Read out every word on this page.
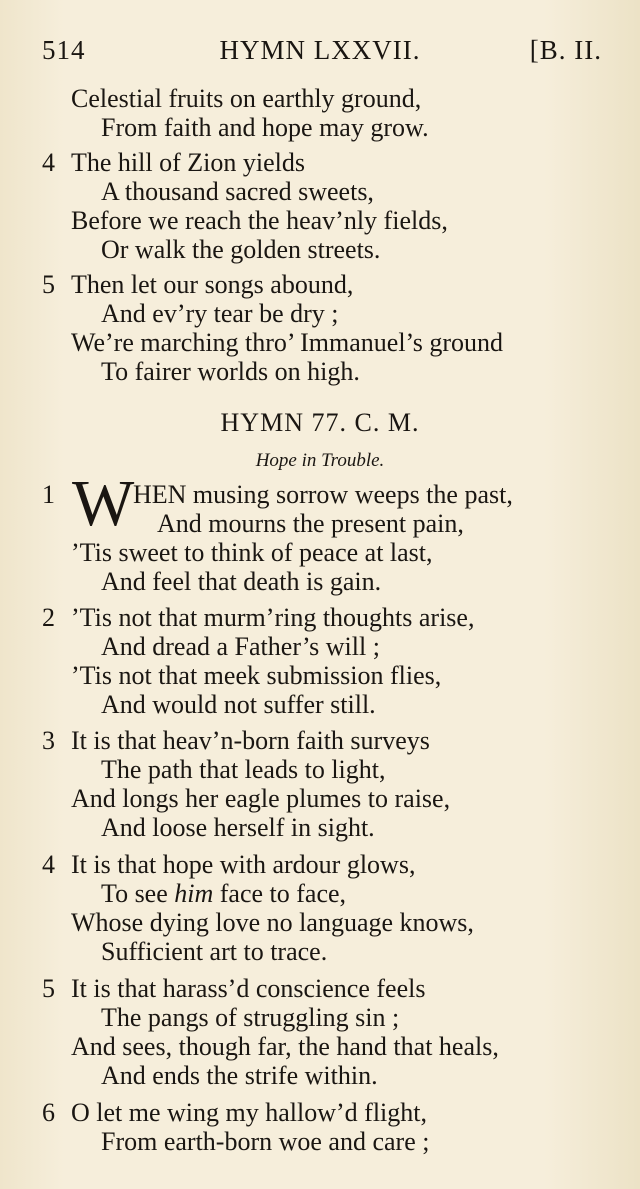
514	HYMN LXXVII.	[B. II.
Celestial fruits on earthly ground,
From faith and hope may grow.
4 The hill of Zion yields
A thousand sacred sweets,
Before we reach the heav’nly fields,
Or walk the golden streets.
5 Then let our songs abound,
And ev’ry tear be dry ;
We’re marching thro’ Immanuel’s ground
To fairer worlds on high.
HYMN 77. C. M.
Hope in Trouble.
1 W HEN musing sorrow weeps the past,
And mourns the present pain,
’Tis sweet to think of peace at last,
And feel that death is gain.
2 ’Tis not that murm’ring thoughts arise,
And dread a Father’s will ;
’Tis not that meek submission flies,
And would not suffer still.
3 It is that heav’n-born faith surveys
The path that leads to light,
And longs her eagle plumes to raise,
And loose herself in sight.
4 It is that hope with ardour glows,
To see him face to face,
Whose dying love no language knows,
Sufficient art to trace.
5 It is that harass’d conscience feels
The pangs of struggling sin ;
And sees, though far, the hand that heals,
And ends the strife within.
6 O let me wing my hallow’d flight,
From earth-born woe and care ;
